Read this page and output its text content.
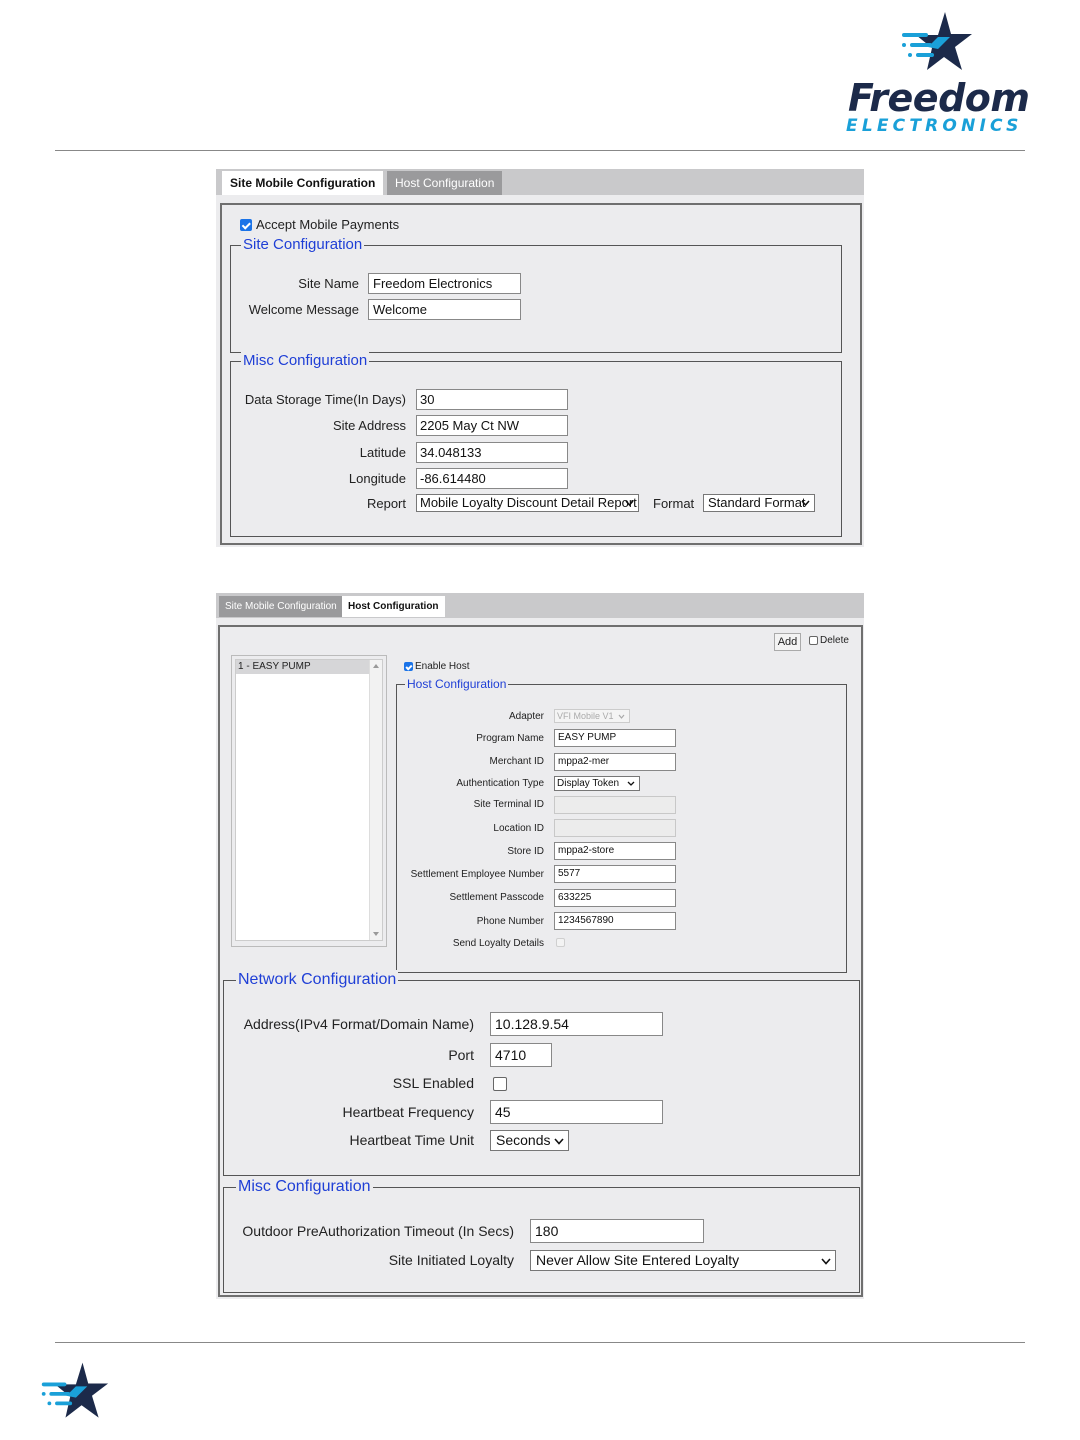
Freedom
ELECTRONICS
Site Mobile Configuration	Host Configuration
Accept Mobile Payments
Site Configuration
Site Name	Freedom Electronics
Welcome Message	Welcome
Misc Configuration
Data Storage Time(In Days)	30
Site Address	2205 May Ct NW
Latitude	34.048133
Longitude	-86.614480
Report	Mobile Loyalty Discount Detail Report Format	Standard Format
Site Mobile Configuration	Host Configuration
Add	Delete
1 - EASY PUMP	Enable Host
Host Configuration
Adapter	VFI Mobile V1
Program Name	EASY PUMP
Merchant ID	mppa2-mer
Authentication Type	Display Token
Site Terminal ID
Location ID
Store ID	mppa2-store
Settlement Employee Number	5577
Settlement Passcode	633225
Phone Number	1234567890
Send Loyalty Details
Network Configuration
Address(IPv4 Format/Domain Name)	10.128.9.54
Port	4710
SSL Enabled
Heartbeat Frequency	45
Heartbeat Time Unit	Seconds
Misc Configuration
Outdoor PreAuthorization Timeout (In Secs)	180
Site Initiated Loyalty	Never Allow Site Entered Loyalty
